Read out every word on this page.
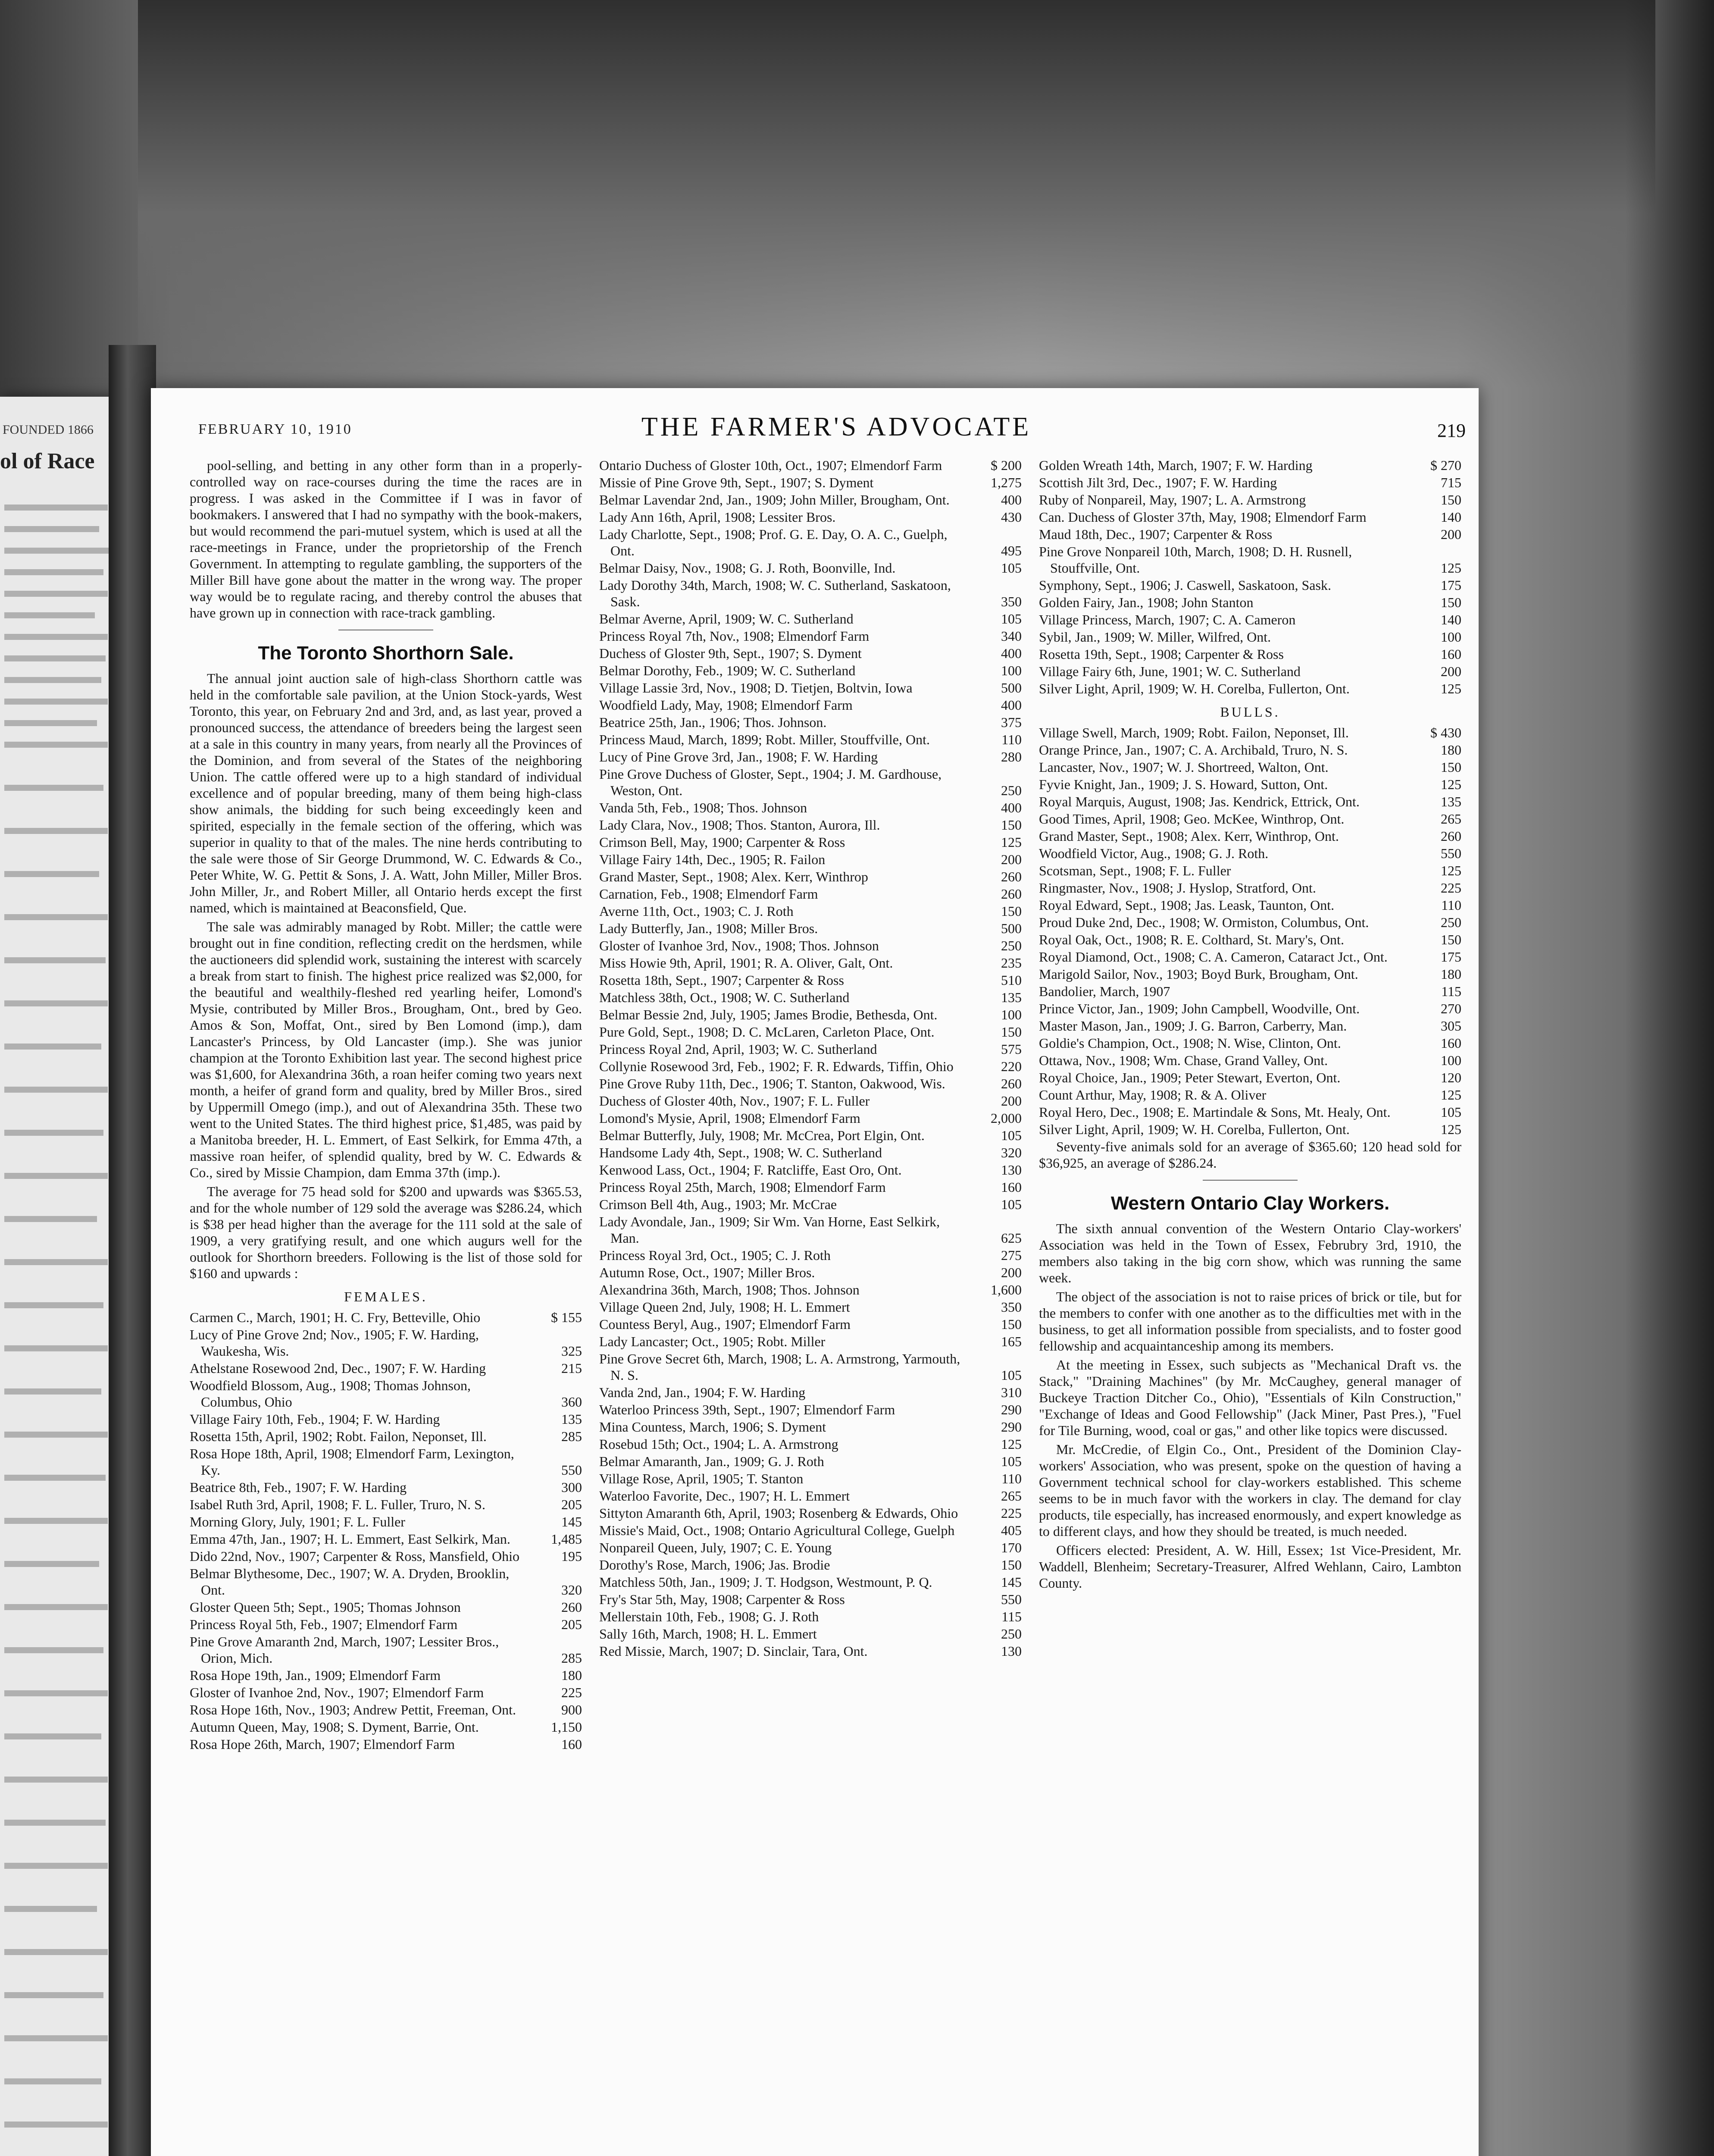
FOUNDED 1866
ol of Race
FEBRUARY 10, 1910	THE FARMER'S ADVOCATE	219

pool-selling, and betting in any other form than in a properly-controlled way on race-courses during the time the races are in progress. I was asked in the Committee if I was in favor of bookmakers. I answered that I had no sympathy with the book-makers, but would recommend the pari-mutuel system, which is used at all the race-meetings in France, under the proprietorship of the French Government. In attempting to regulate gambling, the supporters of the Miller Bill have gone about the matter in the wrong way. The proper way would be to regulate racing, and thereby control the abuses that have grown up in connection with race-track gambling.

The Toronto Shorthorn Sale.

The annual joint auction sale of high-class Shorthorn cattle was held in the comfortable sale pavilion, at the Union Stock-yards, West Toronto, this year, on February 2nd and 3rd, and, as last year, proved a pronounced success, the attendance of breeders being the largest seen at a sale in this country in many years, from nearly all the Provinces of the Dominion, and from several of the States of the neighboring Union. The cattle offered were up to a high standard of individual excellence and of popular breeding, many of them being high-class show animals, the bidding for such being exceedingly keen and spirited, especially in the female section of the offering, which was superior in quality to that of the males. The nine herds contributing to the sale were those of Sir George Drummond, W. C. Edwards & Co., Peter White, W. G. Pettit & Sons, J. A. Watt, John Miller, Miller Bros. John Miller, Jr., and Robert Miller, all Ontario herds except the first named, which is maintained at Beaconsfield, Que.

The sale was admirably managed by Robt. Miller; the cattle were brought out in fine condition, reflecting credit on the herdsmen, while the auctioneers did splendid work, sustaining the interest with scarcely a break from start to finish. The highest price realized was $2,000, for the beautiful and wealthily-fleshed red yearling heifer, Lomond's Mysie, contributed by Miller Bros., Brougham, Ont., bred by Geo. Amos & Son, Moffat, Ont., sired by Ben Lomond (imp.), dam Lancaster's Princess, by Old Lancaster (imp.). She was junior champion at the Toronto Exhibition last year. The second highest price was $1,600, for Alexandrina 36th, a roan heifer coming two years next month, a heifer of grand form and quality, bred by Miller Bros., sired by Uppermill Omego (imp.), and out of Alexandrina 35th. These two went to the United States. The third highest price, $1,485, was paid by a Manitoba breeder, H. L. Emmert, of East Selkirk, for Emma 47th, a massive roan heifer, of splendid quality, bred by W. C. Edwards & Co., sired by Missie Champion, dam Emma 37th (imp.).

The average for 75 head sold for $200 and upwards was $365.53, and for the whole number of 129 sold the average was $286.24, which is $38 per head higher than the average for the 111 sold at the sale of 1909, a very gratifying result, and one which augurs well for the outlook for Shorthorn breeders. Following is the list of those sold for $160 and upwards :

FEMALES.
Carmen C., March, 1901; H. C. Fry, Betteville, Ohio	$ 155
Lucy of Pine Grove 2nd; Nov., 1905; F. W. Harding, Waukesha, Wis.	325
Athelstane Rosewood 2nd, Dec., 1907; F. W. Harding	215
Woodfield Blossom, Aug., 1908; Thomas Johnson, Columbus, Ohio	360
Village Fairy 10th, Feb., 1904; F. W. Harding	135
Rosetta 15th, April, 1902; Robt. Failon, Neponset, Ill.	285
Rosa Hope 18th, April, 1908; Elmendorf Farm, Lexington, Ky.	550
Beatrice 8th, Feb., 1907; F. W. Harding	300
Isabel Ruth 3rd, April, 1908; F. L. Fuller, Truro, N. S.	205
Morning Glory, July, 1901; F. L. Fuller	145
Emma 47th, Jan., 1907; H. L. Emmert, East Selkirk, Man.	1,485
Dido 22nd, Nov., 1907; Carpenter & Ross, Mansfield, Ohio	195
Belmar Blythesome, Dec., 1907; W. A. Dryden, Brooklin, Ont.	320
Gloster Queen 5th; Sept., 1905; Thomas Johnson	260
Princess Royal 5th, Feb., 1907; Elmendorf Farm	205
Pine Grove Amaranth 2nd, March, 1907; Lessiter Bros., Orion, Mich.	285
Rosa Hope 19th, Jan., 1909; Elmendorf Farm	180
Gloster of Ivanhoe 2nd, Nov., 1907; Elmendorf Farm	225
Rosa Hope 16th, Nov., 1903; Andrew Pettit, Freeman, Ont.	900
Autumn Queen, May, 1908; S. Dyment, Barrie, Ont.	1,150
Rosa Hope 26th, March, 1907; Elmendorf Farm	160
Ontario Duchess of Gloster 10th, Oct., 1907; Elmendorf Farm	$ 200
Missie of Pine Grove 9th, Sept., 1907; S. Dyment	1,275
Belmar Lavendar 2nd, Jan., 1909; John Miller, Brougham, Ont.	400
Lady Ann 16th, April, 1908; Lessiter Bros.	430
Lady Charlotte, Sept., 1908; Prof. G. E. Day, O. A. C., Guelph, Ont.	495
Belmar Daisy, Nov., 1908; G. J. Roth, Boonville, Ind.	105
Lady Dorothy 34th, March, 1908; W. C. Sutherland, Saskatoon, Sask.	350
Belmar Averne, April, 1909; W. C. Sutherland	105
Princess Royal 7th, Nov., 1908; Elmendorf Farm	340
Duchess of Gloster 9th, Sept., 1907; S. Dyment	400
Belmar Dorothy, Feb., 1909; W. C. Sutherland	100
Village Lassie 3rd, Nov., 1908; D. Tietjen, Boltvin, Iowa	500
Woodfield Lady, May, 1908; Elmendorf Farm	400
Beatrice 25th, Jan., 1906; Thos. Johnson.	375
Princess Maud, March, 1899; Robt. Miller, Stouffville, Ont.	110
Lucy of Pine Grove 3rd, Jan., 1908; F. W. Harding	280
Pine Grove Duchess of Gloster, Sept., 1904; J. M. Gardhouse, Weston, Ont.	250
Vanda 5th, Feb., 1908; Thos. Johnson	400
Lady Clara, Nov., 1908; Thos. Stanton, Aurora, Ill.	150
Crimson Bell, May, 1900; Carpenter & Ross	125
Village Fairy 14th, Dec., 1905; R. Failon	200
Grand Master, Sept., 1908; Alex. Kerr, Winthrop	260
Carnation, Feb., 1908; Elmendorf Farm	260
Averne 11th, Oct., 1903; C. J. Roth	150
Lady Butterfly, Jan., 1908; Miller Bros.	500
Gloster of Ivanhoe 3rd, Nov., 1908; Thos. Johnson	250
Miss Howie 9th, April, 1901; R. A. Oliver, Galt, Ont.	235
Rosetta 18th, Sept., 1907; Carpenter & Ross	510
Matchless 38th, Oct., 1908; W. C. Sutherland	135
Belmar Bessie 2nd, July, 1905; James Brodie, Bethesda, Ont.	100
Pure Gold, Sept., 1908; D. C. McLaren, Carleton Place, Ont.	150
Princess Royal 2nd, April, 1903; W. C. Sutherland	575
Collynie Rosewood 3rd, Feb., 1902; F. R. Edwards, Tiffin, Ohio	220
Pine Grove Ruby 11th, Dec., 1906; T. Stanton, Oakwood, Wis.	260
Duchess of Gloster 40th, Nov., 1907; F. L. Fuller	200
Lomond's Mysie, April, 1908; Elmendorf Farm	2,000
Belmar Butterfly, July, 1908; Mr. McCrea, Port Elgin, Ont.	105
Handsome Lady 4th, Sept., 1908; W. C. Sutherland	320
Kenwood Lass, Oct., 1904; F. Ratcliffe, East Oro, Ont.	130
Princess Royal 25th, March, 1908; Elmendorf Farm	160
Crimson Bell 4th, Aug., 1903; Mr. McCrae	105
Lady Avondale, Jan., 1909; Sir Wm. Van Horne, East Selkirk, Man.	625
Princess Royal 3rd, Oct., 1905; C. J. Roth	275
Autumn Rose, Oct., 1907; Miller Bros.	200
Alexandrina 36th, March, 1908; Thos. Johnson	1,600
Village Queen 2nd, July, 1908; H. L. Emmert	350
Countess Beryl, Aug., 1907; Elmendorf Farm	150
Lady Lancaster; Oct., 1905; Robt. Miller	165
Pine Grove Secret 6th, March, 1908; L. A. Armstrong, Yarmouth, N. S.	105
Vanda 2nd, Jan., 1904; F. W. Harding	310
Waterloo Princess 39th, Sept., 1907; Elmendorf Farm	290
Mina Countess, March, 1906; S. Dyment	290
Rosebud 15th; Oct., 1904; L. A. Armstrong	125
Belmar Amaranth, Jan., 1909; G. J. Roth	105
Village Rose, April, 1905; T. Stanton	110
Waterloo Favorite, Dec., 1907; H. L. Emmert	265
Sittyton Amaranth 6th, April, 1903; Rosenberg & Edwards, Ohio	225
Missie's Maid, Oct., 1908; Ontario Agricultural College, Guelph	405
Nonpareil Queen, July, 1907; C. E. Young	170
Dorothy's Rose, March, 1906; Jas. Brodie	150
Matchless 50th, Jan., 1909; J. T. Hodgson, Westmount, P. Q.	145
Fry's Star 5th, May, 1908; Carpenter & Ross	550
Mellerstain 10th, Feb., 1908; G. J. Roth	115
Sally 16th, March, 1908; H. L. Emmert	250
Red Missie, March, 1907; D. Sinclair, Tara, Ont.	130
Golden Wreath 14th, March, 1907; F. W. Harding	$ 270
Scottish Jilt 3rd, Dec., 1907; F. W. Harding	715
Ruby of Nonpareil, May, 1907; L. A. Armstrong	150
Can. Duchess of Gloster 37th, May, 1908; Elmendorf Farm	140
Maud 18th, Dec., 1907; Carpenter & Ross	200
Pine Grove Nonpareil 10th, March, 1908; D. H. Rusnell, Stouffville, Ont.	125
Symphony, Sept., 1906; J. Caswell, Saskatoon, Sask.	175
Golden Fairy, Jan., 1908; John Stanton	150
Village Princess, March, 1907; C. A. Cameron	140
Sybil, Jan., 1909; W. Miller, Wilfred, Ont.	100
Rosetta 19th, Sept., 1908; Carpenter & Ross	160
Village Fairy 6th, June, 1901; W. C. Sutherland	200
Silver Light, April, 1909; W. H. Corelba, Fullerton, Ont.	125
BULLS.
Village Swell, March, 1909; Robt. Failon, Neponset, Ill.	$ 430
Orange Prince, Jan., 1907; C. A. Archibald, Truro, N. S.	180
Lancaster, Nov., 1907; W. J. Shortreed, Walton, Ont.	150
Fyvie Knight, Jan., 1909; J. S. Howard, Sutton, Ont.	125
Royal Marquis, August, 1908; Jas. Kendrick, Ettrick, Ont.	135
Good Times, April, 1908; Geo. McKee, Winthrop, Ont.	265
Grand Master, Sept., 1908; Alex. Kerr, Winthrop, Ont.	260
Woodfield Victor, Aug., 1908; G. J. Roth.	550
Scotsman, Sept., 1908; F. L. Fuller	125
Ringmaster, Nov., 1908; J. Hyslop, Stratford, Ont.	225
Royal Edward, Sept., 1908; Jas. Leask, Taunton, Ont.	110
Proud Duke 2nd, Dec., 1908; W. Ormiston, Columbus, Ont.	250
Royal Oak, Oct., 1908; R. E. Colthard, St. Mary's, Ont.	150
Royal Diamond, Oct., 1908; C. A. Cameron, Cataract Jct., Ont.	175
Marigold Sailor, Nov., 1903; Boyd Burk, Brougham, Ont.	180
Bandolier, March, 1907	115
Prince Victor, Jan., 1909; John Campbell, Woodville, Ont.	270
Master Mason, Jan., 1909; J. G. Barron, Carberry, Man.	305
Goldie's Champion, Oct., 1908; N. Wise, Clinton, Ont.	160
Ottawa, Nov., 1908; Wm. Chase, Grand Valley, Ont.	100
Royal Choice, Jan., 1909; Peter Stewart, Everton, Ont.	120
Count Arthur, May, 1908; R. & A. Oliver	125
Royal Hero, Dec., 1908; E. Martindale & Sons, Mt. Healy, Ont.	105
Silver Light, April, 1909; W. H. Corelba, Fullerton, Ont.	125

Seventy-five animals sold for an average of $365.60; 120 head sold for $36,925, an average of $286.24.

Western Ontario Clay Workers.

The sixth annual convention of the Western Ontario Clay-workers' Association was held in the Town of Essex, Februbry 3rd, 1910, the members also taking in the big corn show, which was running the same week.

The object of the association is not to raise prices of brick or tile, but for the members to confer with one another as to the difficulties met with in the business, to get all information possible from specialists, and to foster good fellowship and acquaintanceship among its members.

At the meeting in Essex, such subjects as "Mechanical Draft vs. the Stack," "Draining Machines" (by Mr. McCaughey, general manager of Buckeye Traction Ditcher Co., Ohio), "Essentials of Kiln Construction," "Exchange of Ideas and Good Fellowship" (Jack Miner, Past Pres.), "Fuel for Tile Burning, wood, coal or gas," and other like topics were discussed.

Mr. McCredie, of Elgin Co., Ont., President of the Dominion Clay-workers' Association, who was present, spoke on the question of having a Government technical school for clay-workers established. This scheme seems to be in much favor with the workers in clay. The demand for clay products, tile especially, has increased enormously, and expert knowledge as to different clays, and how they should be treated, is much needed.

Officers elected: President, A. W. Hill, Essex; 1st Vice-President, Mr. Waddell, Blenheim; Secretary-Treasurer, Alfred Wehlann, Cairo, Lambton County.
